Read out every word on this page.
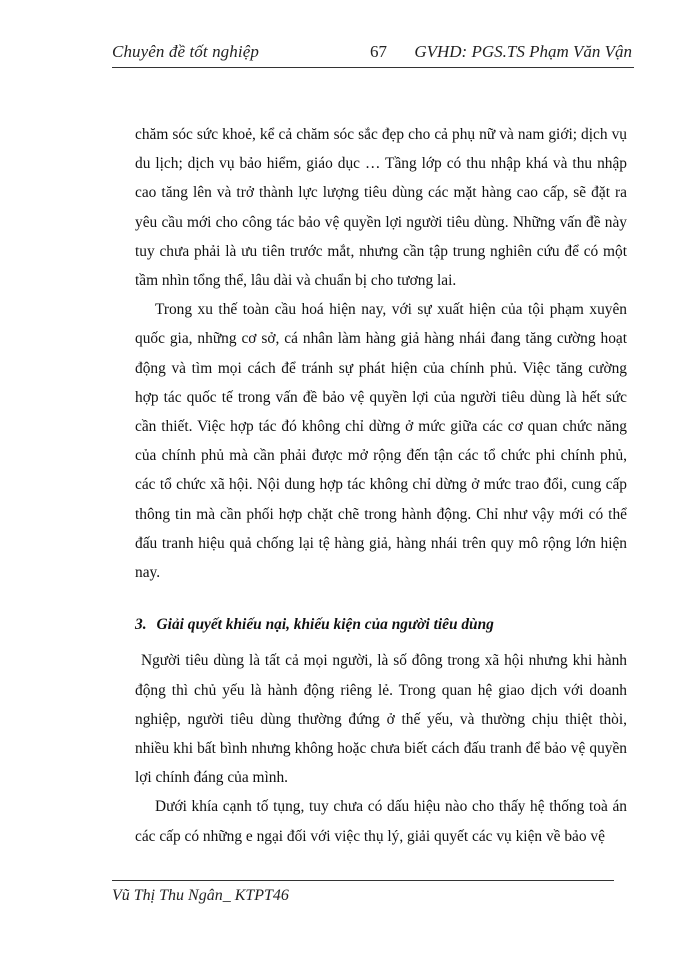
Chuyên đề tốt nghiệp	67 GVHD: PGS.TS Phạm Văn Vận

chăm sóc sức khoẻ, kể cả chăm sóc sắc đẹp cho cả phụ nữ và nam giới; dịch vụ du lịch; dịch vụ bảo hiểm, giáo dục … Tầng lớp có thu nhập khá và thu nhập cao tăng lên và trở thành lực lượng tiêu dùng các mặt hàng cao cấp, sẽ đặt ra yêu cầu mới cho công tác bảo vệ quyền lợi người tiêu dùng. Những vấn đề này tuy chưa phải là ưu tiên trước mắt, nhưng cần tập trung nghiên cứu để có một tầm nhìn tổng thể, lâu dài và chuẩn bị cho tương lai.

Trong xu thế toàn cầu hoá hiện nay, với sự xuất hiện của tội phạm xuyên quốc gia, những cơ sở, cá nhân làm hàng giả hàng nhái đang tăng cường hoạt động và tìm mọi cách để tránh sự phát hiện của chính phủ. Việc tăng cường hợp tác quốc tế trong vấn đề bảo vệ quyền lợi của người tiêu dùng là hết sức cần thiết. Việc hợp tác đó không chỉ dừng ở mức giữa các cơ quan chức năng của chính phủ mà cần phải được mở rộng đến tận các tổ chức phi chính phủ, các tổ chức xã hội. Nội dung hợp tác không chỉ dừng ở mức trao đổi, cung cấp thông tin mà cần phối hợp chặt chẽ trong hành động. Chỉ như vậy mới có thể đấu tranh hiệu quả chống lại tệ hàng giả, hàng nhái trên quy mô rộng lớn hiện nay.

3. Giải quyết khiếu nại, khiếu kiện của người tiêu dùng

Người tiêu dùng là tất cả mọi người, là số đông trong xã hội nhưng khi hành động thì chủ yếu là hành động riêng lẻ. Trong quan hệ giao dịch với doanh nghiệp, người tiêu dùng thường đứng ở thế yếu, và thường chịu thiệt thòi, nhiều khi bất bình nhưng không hoặc chưa biết cách đấu tranh để bảo vệ quyền lợi chính đáng của mình.

Dưới khía cạnh tố tụng, tuy chưa có dấu hiệu nào cho thấy hệ thống toà án các cấp có những e ngại đối với việc thụ lý, giải quyết các vụ kiện về bảo vệ

Vũ Thị Thu Ngân_ KTPT46
